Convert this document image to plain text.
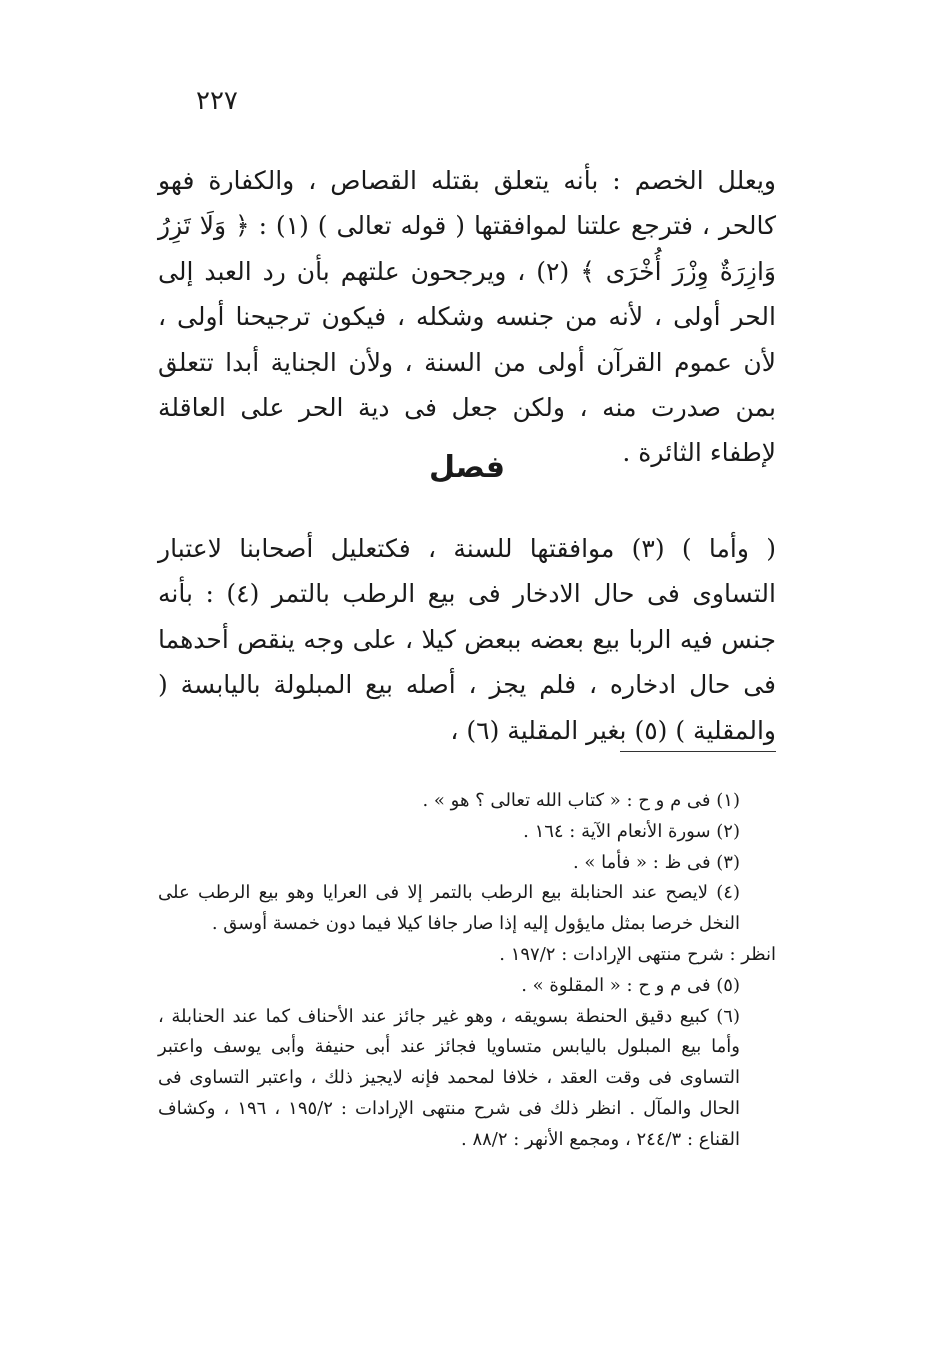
٢٢٧

ويعلل الخصم : بأنه يتعلق بقتله القصاص ، والكفارة فهو كالحر ، فترجع علتنا لموافقتها ( قوله تعالى ) (١) : ﴿ وَلَا تَزِرُ وَازِرَةٌ وِزْرَ أُخْرَى ﴾ (٢) ، ويرجحون علتهم بأن رد العبد إلى الحر أولى ، لأنه من جنسه وشكله ، فيكون ترجيحنا أولى ، لأن عموم القرآن أولى من السنة ، ولأن الجناية أبدا تتعلق بمن صدرت منه ، ولكن جعل فى دية الحر على العاقلة لإطفاء الثائرة .

فصل

( وأما ) (٣) موافقتها للسنة ، فكتعليل أصحابنا لاعتبار التساوى فى حال الادخار فى بيع الرطب بالتمر (٤) : بأنه جنس فيه الربا بيع بعضه ببعض كيلا ، على وجه ينقص أحدهما فى حال ادخاره ، فلم يجز ، أصله بيع المبلولة باليابسة ( والمقلية ) (٥) بغير المقلية (٦) ،

(١) فى م و ح : « كتاب الله تعالى ؟ هو » .

(٢) سورة الأنعام الآية : ١٦٤ .

(٣) فى ظ : « فأما » .

(٤) لايصح عند الحنابلة بيع الرطب بالتمر إلا فى العرايا وهو بيع الرطب على النخل خرصا بمثل مايؤول إليه إذا صار جافا كيلا فيما دون خمسة أوسق .

انظر : شرح منتهى الإرادات : ١٩٧/٢ .

(٥) فى م و ح : « المقلوة » .

(٦) كبيع دقيق الحنطة بسويقه ، وهو غير جائز عند الأحناف كما عند الحنابلة ، وأما بيع المبلول باليابس متساويا فجائز عند أبى حنيفة وأبى يوسف واعتبر التساوى فى وقت العقد ، خلافا لمحمد فإنه لايجيز ذلك ، واعتبر التساوى فى الحال والمآل . انظر ذلك فى شرح منتهى الإرادات : ١٩٥/٢ ، ١٩٦ ، وكشاف القناع : ٢٤٤/٣ ، ومجمع الأنهر : ٨٨/٢ .
